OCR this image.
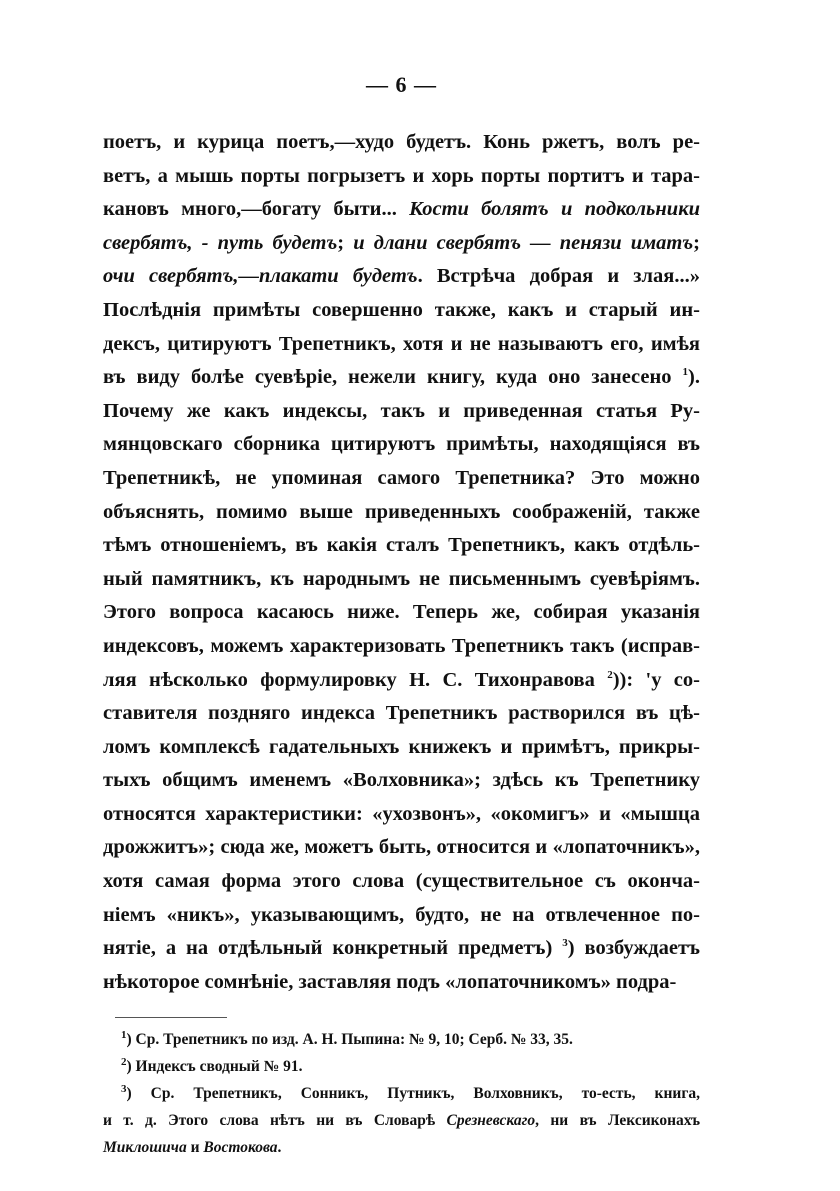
— 6 —
поетъ, и курица поетъ,—худо будетъ. Конь ржетъ, волъ ре-
ветъ, а мышь порты погрызетъ и хорь порты портитъ и тара-
кановъ много,—богату быти... Кости болятъ и подкольники
свербятъ, - путь будетъ; и длани свербятъ — пенязи иматъ;
очи свербятъ,—плакати будетъ. Встрѣча добрая и злая...»
Послѣднія примѣты совершенно также, какъ и старый ин-
дексъ, цитируютъ Трепетникъ, хотя и не называютъ его, имѣя
въ виду болѣе суевѣріе, нежели книгу, куда оно занесено $^1$).
Почему же какъ индексы, такъ и приведенная статья Ру-
мянцовскаго сборника цитируютъ примѣты, находящіяся въ
Трепетникѣ, не упоминая самого Трепетника? Это можно
объяснять, помимо выше приведенныхъ соображеній, также
тѣмъ отношеніемъ, въ какія сталъ Трепетникъ, какъ отдѣль-
ный памятникъ, къ народнымъ не письменнымъ суевѣріямъ.
Этого вопроса касаюсь ниже. Теперь же, собирая указанія
индексовъ, можемъ характеризовать Трепетникъ такъ (исправ-
ляя нѣсколько формулировку Н. С. Тихонравова $^2$)): 'у со-
ставителя поздняго индекса Трепетникъ растворился въ цѣ-
ломъ комплексѣ гадательныхъ книжекъ и примѣтъ, прикры-
тыхъ общимъ именемъ «Волховника»; здѣсь къ Трепетнику
относятся характеристики: «ухозвонъ», «окомигъ» и «мышца
дрожжитъ»; сюда же, можетъ быть, относится и «лопаточникъ»,
хотя самая форма этого слова (существительное съ оконча-
ніемъ «никъ», указывающимъ, будто, не на отвлеченное по-
нятіе, а на отдѣльный конкретный предметъ) $^3$) возбуждаетъ
нѣкоторое сомнѣніе, заставляя подъ «лопаточникомъ» подра-
$^1$) Ср. Трепетникъ по изд. А. Н. Пыпина: № 9, 10; Серб. № 33, 35.
$^2$) Индексъ сводный № 91.
$^3$) Ср. Трепетникъ, Сонникъ, Путникъ, Волховникъ, то-есть, книга,
и т. д. Этого слова нѣтъ ни въ Словарѣ Срезневскаго, ни въ Лексиконахъ
Миклошича и Востокова.
